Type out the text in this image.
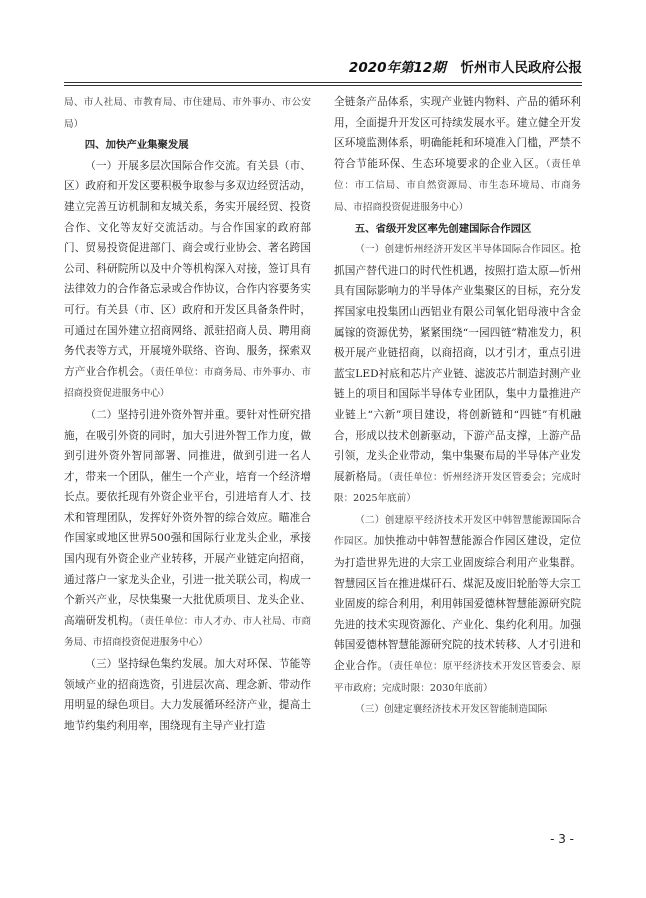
2020年第12期 忻州市人民政府公报

局、市人社局、市教育局、市住建局、市外事办、市公安局）

四、加快产业集聚发展

（一）开展多层次国际合作交流。有关县（市、区）政府和开发区要积极争取参与多双边经贸活动，建立完善互访机制和友城关系，务实开展经贸、投资合作、文化等友好交流活动。与合作国家的政府部门、贸易投资促进部门、商会或行业协会、著名跨国公司、科研院所以及中介等机构深入对接，签订具有法律效力的合作备忘录或合作协议，合作内容要务实可行。有关县（市、区）政府和开发区具备条件时，可通过在国外建立招商网络、派驻招商人员、聘用商务代表等方式，开展境外联络、咨询、服务，探索双方产业合作机会。（责任单位：市商务局、市外事办、市招商投资促进服务中心）

（二）坚持引进外资外智并重。要针对性研究措施，在吸引外资的同时，加大引进外智工作力度，做到引进外资外智同部署、同推进，做到引进一名人才，带来一个团队，催生一个产业，培育一个经济增长点。要依托现有外资企业平台，引进培育人才、技术和管理团队，发挥好外资外智的综合效应。瞄准合作国家或地区世界500强和国际行业龙头企业，承接国内现有外资企业产业转移，开展产业链定向招商，通过落户一家龙头企业，引进一批关联公司，构成一个新兴产业，尽快集聚一大批优质项目、龙头企业、高端研发机构。（责任单位：市人才办、市人社局、市商务局、市招商投资促进服务中心）

（三）坚持绿色集约发展。加大对环保、节能等领域产业的招商选资，引进层次高、理念新、带动作用明显的绿色项目。大力发展循环经济产业，提高土地节约集约利用率，围绕现有主导产业打造

全链条产品体系，实现产业链内物料、产品的循环利用，全面提升开发区可持续发展水平。建立健全开发区环境监测体系，明确能耗和环境准入门槛，严禁不符合节能环保、生态环境要求的企业入区。（责任单位：市工信局、市自然资源局、市生态环境局、市商务局、市招商投资促进服务中心）

五、省级开发区率先创建国际合作园区

（一）创建忻州经济开发区半导体国际合作园区。抢抓国产替代进口的时代性机遇，按照打造太原—忻州具有国际影响力的半导体产业集聚区的目标，充分发挥国家电投集团山西铝业有限公司氧化铝母液中含金属镓的资源优势，紧紧围绕“一园四链”精准发力，积极开展产业链招商，以商招商，以才引才，重点引进蓝宝LED衬底和芯片产业链、滤波芯片制造封测产业链上的项目和国际半导体专业团队，集中力量推进产业链上“六新”项目建设，将创新链和“四链”有机融合，形成以技术创新驱动，下游产品支撑，上游产品引领，龙头企业带动，集中集聚布局的半导体产业发展新格局。（责任单位：忻州经济开发区管委会；完成时限：2025年底前）

（二）创建原平经济技术开发区中韩智慧能源国际合作园区。加快推动中韩智慧能源合作园区建设，定位为打造世界先进的大宗工业固废综合利用产业集群。智慧园区旨在推进煤矸石、煤泥及废旧轮胎等大宗工业固废的综合利用，利用韩国爱德林智慧能源研究院先进的技术实现资源化、产业化、集约化利用。加强韩国爱德林智慧能源研究院的技术转移、人才引进和企业合作。（责任单位：原平经济技术开发区管委会、原平市政府；完成时限：2030年底前）

（三）创建定襄经济技术开发区智能制造国际

- 3 -
